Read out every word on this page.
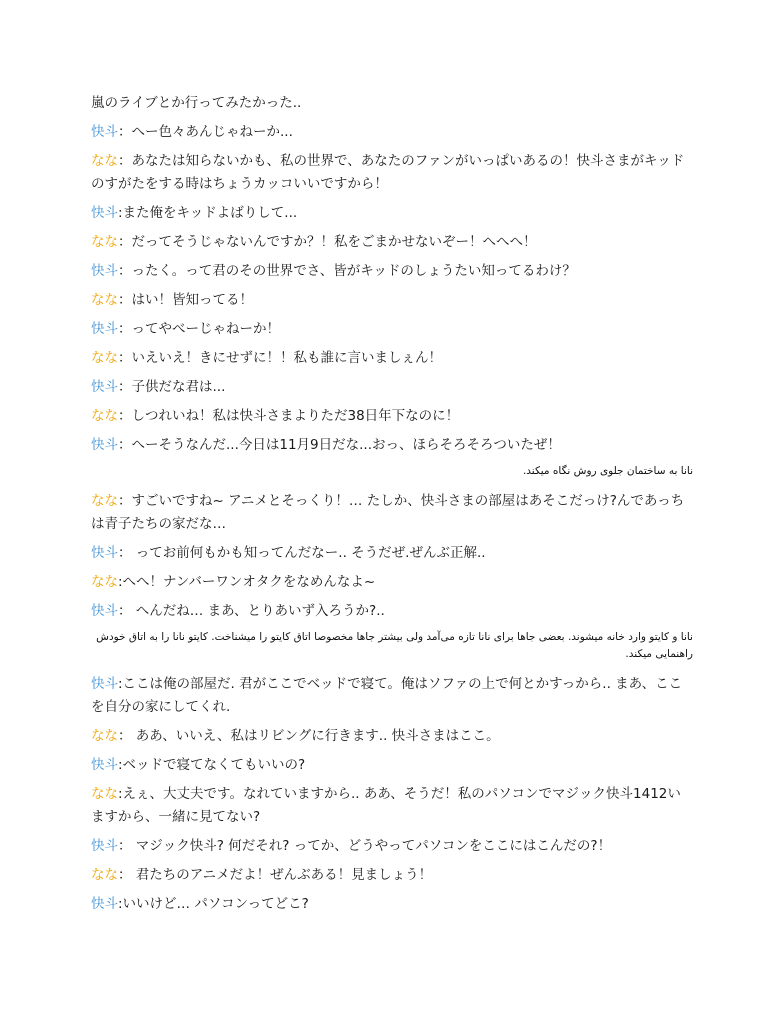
嵐のライブとか行ってみたかった..

快斗：へー色々あんじゃねーか...

なな：あなたは知らないかも、私の世界で、あなたのファンがいっぱいあるの！快斗さまがキッドのすがたをする時はちょうカッコいいですから！

快斗:また俺をキッドよばりして...

なな：だってそうじゃないんですか？！私をごまかせないぞー！へへへ！

快斗：ったく。って君のその世界でさ、皆がキッドのしょうたい知ってるわけ？

なな：はい！皆知ってる！

快斗：ってやべーじゃねーか！

なな：いえいえ！きにせずに！！私も誰に言いましぇん！

快斗：子供だな君は...

なな：しつれいね！私は快斗さまよりただ38日年下なのに！

快斗：へーそうなんだ...今日は11月9日だな...おっ、ほらそろそろついたぜ！

نانا به ساختمان جلوی روش نگاه میکند.

なな：すごいですね~ アニメとそっくり！… たしか、快斗さまの部屋はあそこだっけ?んであっちは青子たちの家だな…

快斗： ってお前何もかも知ってんだなー.. そうだぜ.ぜんぶ正解..

なな:へへ！ナンバーワンオタクをなめんなよ~

快斗： へんだね… まあ、とりあいず入ろうか?..

نانا و کایتو وارد خانه میشوند. بعضی جاها برای نانا تازه می‌آمد ولی بیشتر جاها مخصوصا اتاق کایتو را میشناخت. کایتو نانا را به اتاق خودش راهنمایی میکند.

快斗:ここは俺の部屋だ. 君がここでベッドで寝て。俺はソファの上で何とかすっから.. まあ、ここを自分の家にしてくれ.

なな： ああ、いいえ、私はリビングに行きます.. 快斗さまはここ。

快斗:ベッドで寝てなくてもいいの?

なな:えぇ、大丈夫です。なれていますから.. ああ、そうだ！私のパソコンでマジック快斗1412いますから、一緒に見てない?

快斗： マジック快斗? 何だそれ? ってか、どうやってパソコンをここにはこんだの?！

なな： 君たちのアニメだよ！ぜんぶある！見ましょう！

快斗:いいけど… パソコンってどこ?
